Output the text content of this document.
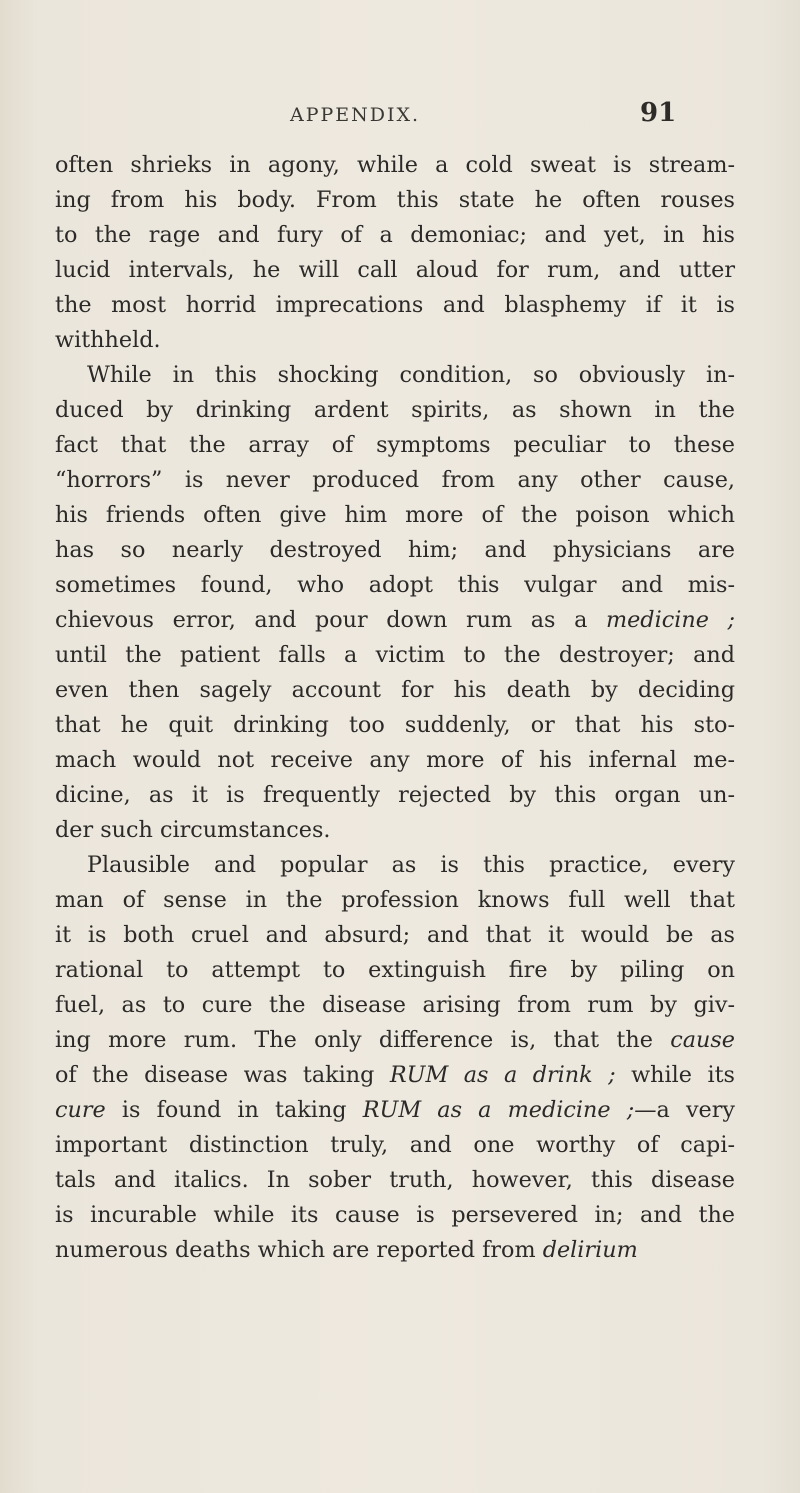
APPENDIX.	91
often shrieks in agony, while a cold sweat is stream-
ing from his body. From this state he often rouses
to the rage and fury of a demoniac; and yet, in his
lucid intervals, he will call aloud for rum, and utter
the most horrid imprecations and blasphemy if it is
withheld.
While in this shocking condition, so obviously in-
duced by drinking ardent spirits, as shown in the
fact that the array of symptoms peculiar to these
“horrors” is never produced from any other cause,
his friends often give him more of the poison which
has so nearly destroyed him; and physicians are
sometimes found, who adopt this vulgar and mis-
chievous error, and pour down rum as a medicine ;
until the patient falls a victim to the destroyer; and
even then sagely account for his death by deciding
that he quit drinking too suddenly, or that his sto-
mach would not receive any more of his infernal me-
dicine, as it is frequently rejected by this organ un-
der such circumstances.
Plausible and popular as is this practice, every
man of sense in the profession knows full well that
it is both cruel and absurd; and that it would be as
rational to attempt to extinguish fire by piling on
fuel, as to cure the disease arising from rum by giv-
ing more rum. The only difference is, that the cause
of the disease was taking RUM as a drink ; while its
cure is found in taking RUM as a medicine ;—a very
important distinction truly, and one worthy of capi-
tals and italics. In sober truth, however, this disease
is incurable while its cause is persevered in; and the
numerous deaths which are reported from delirium
